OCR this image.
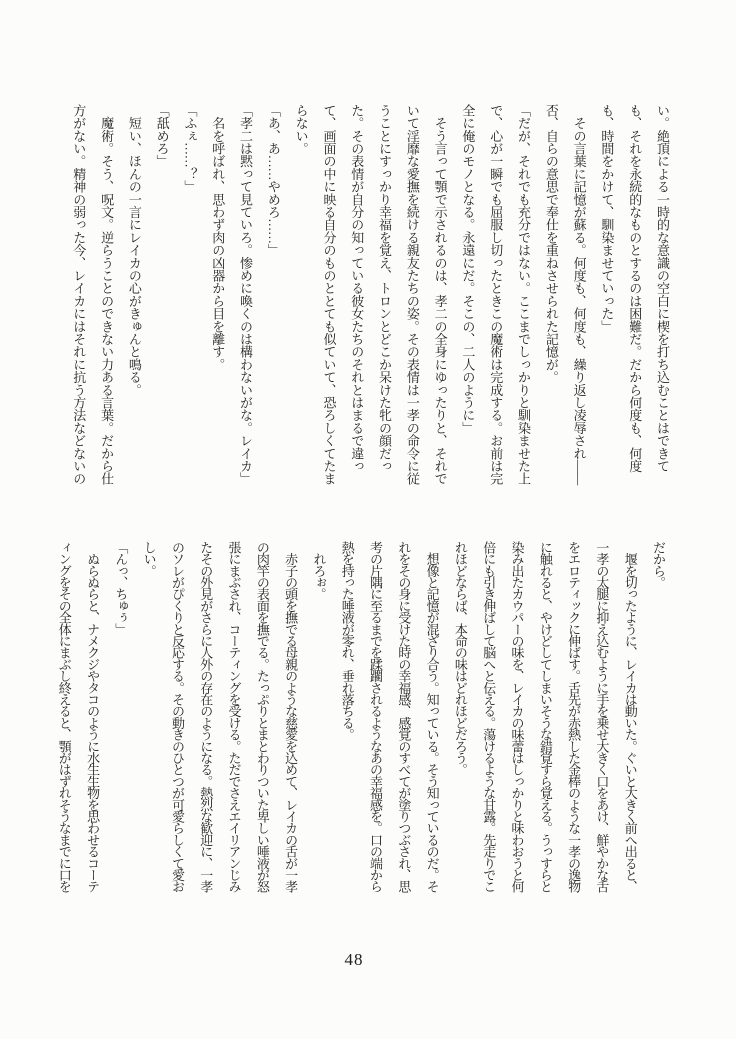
い。絶頂による一時的な意識の空白に楔を打ち込むことはできて
も、それを永続的なものとするのは困難だ。だから何度も、何度
も、時間をかけて、馴染ませていった」
　その言葉に記憶が蘇る。何度も、何度も、繰り返し凌辱され――
否、自らの意思で奉仕を重ねさせられた記憶が。
「だが、それでも充分ではない。ここまでしっかりと馴染ませた上
で、心が一瞬でも屈服し切ったときこの魔術は完成する。お前は完
全に俺のモノとなる。永遠にだ。そこの、二人のように」
　そう言って顎で示されるのは、孝二の全身にゆったりと、それで
いて淫靡な愛撫を続ける親友たちの姿。その表情は一孝の命令に従
うことにすっかり幸福を覚え、トロンとどこか呆けた牝の顔だっ
た。その表情が自分の知っている彼女たちのそれとはまるで違っ
て、画面の中に映る自分のものととても似ていて、恐ろしくてたま
らない。
「あ、あ……やめろ……」
「孝二は黙って見ていろ。惨めに喚くのは構わないがな。レイカ」
　名を呼ばれ、思わず肉の凶器から目を離す。
「ふぇ……？」
「舐めろ」
　短い、ほんの一言にレイカの心がきゅんと鳴る。
　魔術。そう、呪文。逆らうことのできない力ある言葉。だから仕
方がない。精神の弱った今、レイカにはそれに抗う方法などないの
だから。
　堰を切ったように、レイカは動いた。ぐいと大きく前へ出ると、
一孝の太腿に抑え込むように手を乗せ大きく口をあけ、鮮やかな舌
をエロティックに伸ばす。舌先が赤熱した金棒のような一孝の逸物
に触れると、やけどしてしまいそうな錯覚すら覚える。うっすらと
染み出たカウパーの味を、レイカの味蕾はしっかりと味わおうと何
倍にも引き伸ばして脳へと伝える。蕩けるような甘露。先走りでこ
れほどならば、本命の味はどれほどだろう。
　想像と記憶が混ざり合う。知っている。そう知っているのだ。そ
れをその身に受けた時の幸福感、感覚のすべてが塗りつぶされ、思
考の片隅に至るまでを蹂躙されるようなあの幸福感を。口の端から
熱を持った唾液が零れ、垂れ落ちる。
　れろぉ。
　赤子の頭を撫でる母親のような慈愛を込めて、レイカの舌が一孝
の肉竿の表面を撫でる。たっぷりとまとわりついた卑しい唾液が怒
張にまぶされ、コーティングを受ける。ただでさえエイリアンじみ
たその外見がさらに人外の存在のようになる。熱烈な歓迎に、一孝
のソレがぴくりと反応する。その動きのひとつが可愛らしくて愛お
しい。
「んっ、ちゅぅ」
　ぬらぬらと、ナメクジやタコのように水生生物を思わせるコーテ
ィングをその全体にまぶし終えると、顎がはずれそうなまでに口を
48
